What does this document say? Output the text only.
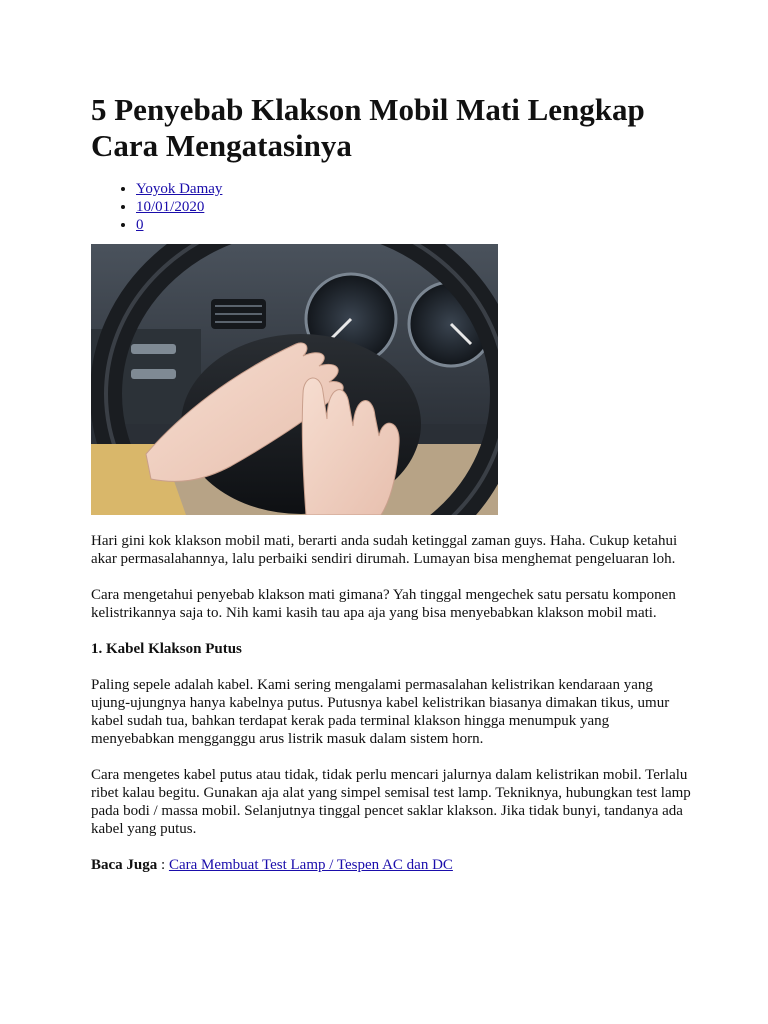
5 Penyebab Klakson Mobil Mati Lengkap Cara Mengatasinya
• Yoyok Damay
• 10/01/2020
• 0

Hari gini kok klakson mobil mati, berarti anda sudah ketinggal zaman guys. Haha. Cukup ketahui akar permasalahannya, lalu perbaiki sendiri dirumah. Lumayan bisa menghemat pengeluaran loh.

Cara mengetahui penyebab klakson mati gimana? Yah tinggal mengechek satu persatu komponen kelistrikannya saja to. Nih kami kasih tau apa aja yang bisa menyebabkan klakson mobil mati.

1. Kabel Klakson Putus

Paling sepele adalah kabel. Kami sering mengalami permasalahan kelistrikan kendaraan yang ujung-ujungnya hanya kabelnya putus. Putusnya kabel kelistrikan biasanya dimakan tikus, umur kabel sudah tua, bahkan terdapat kerak pada terminal klakson hingga menumpuk yang menyebabkan mengganggu arus listrik masuk dalam sistem horn.

Cara mengetes kabel putus atau tidak, tidak perlu mencari jalurnya dalam kelistrikan mobil. Terlalu ribet kalau begitu. Gunakan aja alat yang simpel semisal test lamp. Tekniknya, hubungkan test lamp pada bodi / massa mobil. Selanjutnya tinggal pencet saklar klakson. Jika tidak bunyi, tandanya ada kabel yang putus.

Baca Juga : Cara Membuat Test Lamp / Tespen AC dan DC
